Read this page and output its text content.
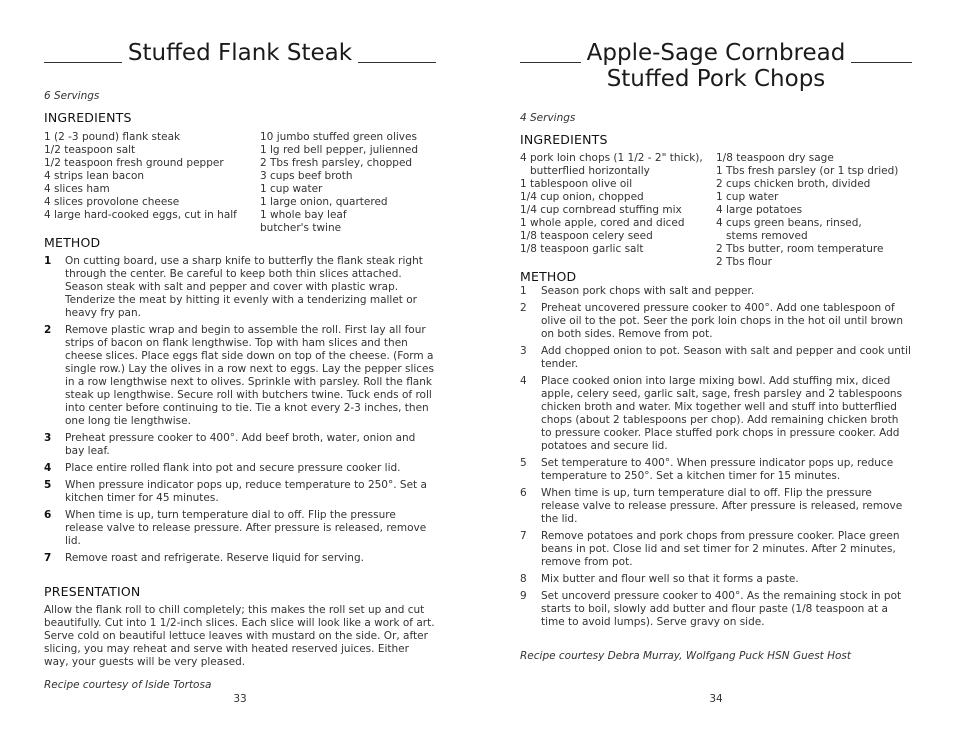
Stuffed Flank Steak
6 Servings
INGREDIENTS
1 (2 -3 pound) flank steak
1/2 teaspoon salt
1/2 teaspoon fresh ground pepper
4 strips lean bacon
4 slices ham
4 slices provolone cheese
4 large hard-cooked eggs, cut in half
10 jumbo stuffed green olives
1 lg red bell pepper, julienned
2 Tbs fresh parsley, chopped
3 cups beef broth
1 cup water
1 large onion, quartered
1 whole bay leaf
butcher's twine
METHOD
1 On cutting board, use a sharp knife to butterfly the flank steak right through the center. Be careful to keep both thin slices attached. Season steak with salt and pepper and cover with plastic wrap. Tenderize the meat by hitting it evenly with a tenderizing mallet or heavy fry pan.
2 Remove plastic wrap and begin to assemble the roll. First lay all four strips of bacon on flank lengthwise. Top with ham slices and then cheese slices. Place eggs flat side down on top of the cheese. (Form a single row.) Lay the olives in a row next to eggs. Lay the pepper slices in a row lengthwise next to olives. Sprinkle with parsley. Roll the flank steak up lengthwise. Secure roll with butchers twine. Tuck ends of roll into center before continuing to tie. Tie a knot every 2-3 inches, then one long tie lengthwise.
3 Preheat pressure cooker to 400°. Add beef broth, water, onion and bay leaf.
4 Place entire rolled flank into pot and secure pressure cooker lid.
5 When pressure indicator pops up, reduce temperature to 250°. Set a kitchen timer for 45 minutes.
6 When time is up, turn temperature dial to off. Flip the pressure release valve to release pressure. After pressure is released, remove lid.
7 Remove roast and refrigerate. Reserve liquid for serving.
PRESENTATION
Allow the flank roll to chill completely; this makes the roll set up and cut beautifully. Cut into 1 1/2-inch slices. Each slice will look like a work of art. Serve cold on beautiful lettuce leaves with mustard on the side. Or, after slicing, you may reheat and serve with heated reserved juices. Either way, your guests will be very pleased.
Recipe courtesy of Iside Tortosa
33
Apple-Sage Cornbread
Stuffed Pork Chops
4 Servings
INGREDIENTS
4 pork loin chops (1 1/2 - 2" thick),
butterflied horizontally
1 tablespoon olive oil
1/4 cup onion, chopped
1/4 cup cornbread stuffing mix
1 whole apple, cored and diced
1/8 teaspoon celery seed
1/8 teaspoon garlic salt
1/8 teaspoon dry sage
1 Tbs fresh parsley (or 1 tsp dried)
2 cups chicken broth, divided
1 cup water
4 large potatoes
4 cups green beans, rinsed,
stems removed
2 Tbs butter, room temperature
2 Tbs flour
METHOD
1 Season pork chops with salt and pepper.
2 Preheat uncovered pressure cooker to 400°. Add one tablespoon of olive oil to the pot. Seer the pork loin chops in the hot oil until brown on both sides. Remove from pot.
3 Add chopped onion to pot. Season with salt and pepper and cook until tender.
4 Place cooked onion into large mixing bowl. Add stuffing mix, diced apple, celery seed, garlic salt, sage, fresh parsley and 2 tablespoons chicken broth and water. Mix together well and stuff into butterflied chops (about 2 tablespoons per chop). Add remaining chicken broth to pressure cooker. Place stuffed pork chops in pressure cooker. Add potatoes and secure lid.
5 Set temperature to 400°. When pressure indicator pops up, reduce temperature to 250°. Set a kitchen timer for 15 minutes.
6 When time is up, turn temperature dial to off. Flip the pressure release valve to release pressure. After pressure is released, remove the lid.
7 Remove potatoes and pork chops from pressure cooker. Place green beans in pot. Close lid and set timer for 2 minutes. After 2 minutes, remove from pot.
8 Mix butter and flour well so that it forms a paste.
9 Set uncoverd pressure cooker to 400°. As the remaining stock in pot starts to boil, slowly add butter and flour paste (1/8 teaspoon at a time to avoid lumps). Serve gravy on side.
Recipe courtesy Debra Murray, Wolfgang Puck HSN Guest Host
34
